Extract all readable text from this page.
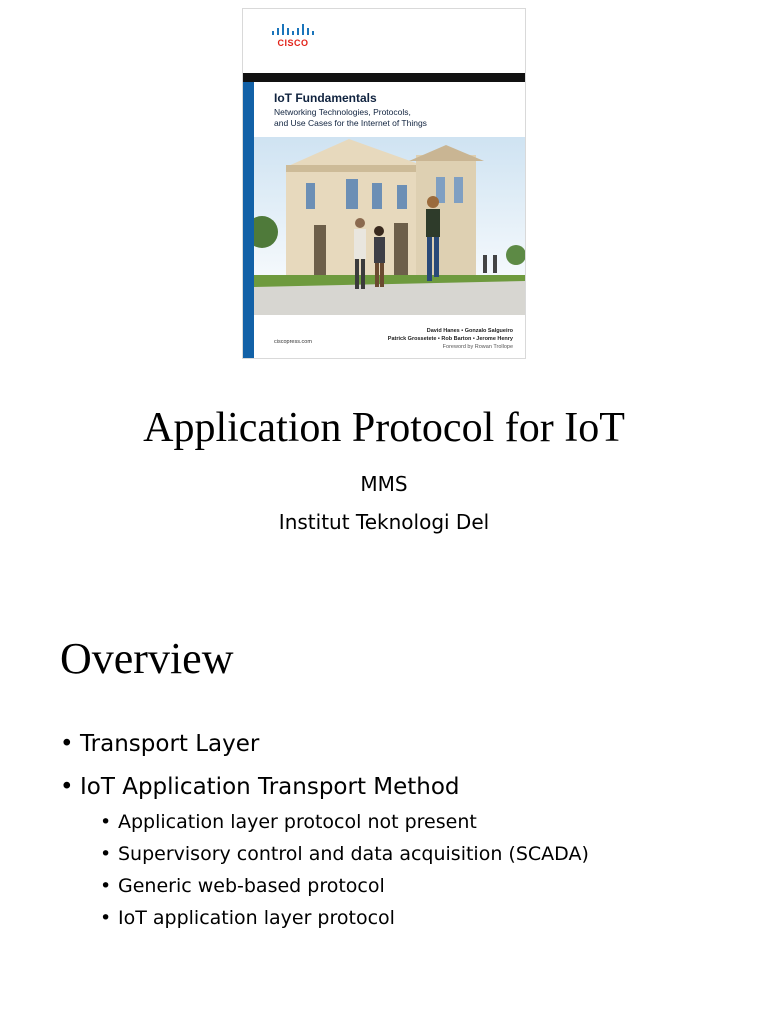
CISCO
IoT Fundamentals
Networking Technologies, Protocols,
and Use Cases for the Internet of Things
David Hanes • Gonzalo Salgueiro
Patrick Grossetete • Rob Barton • Jerome Henry
Foreword by Rowan Trollope
ciscopress.com
Application Protocol for IoT
MMS
Institut Teknologi Del
Overview
• Transport Layer
• IoT Application Transport Method
• Application layer protocol not present
• Supervisory control and data acquisition (SCADA)
• Generic web-based protocol
• IoT application layer protocol
